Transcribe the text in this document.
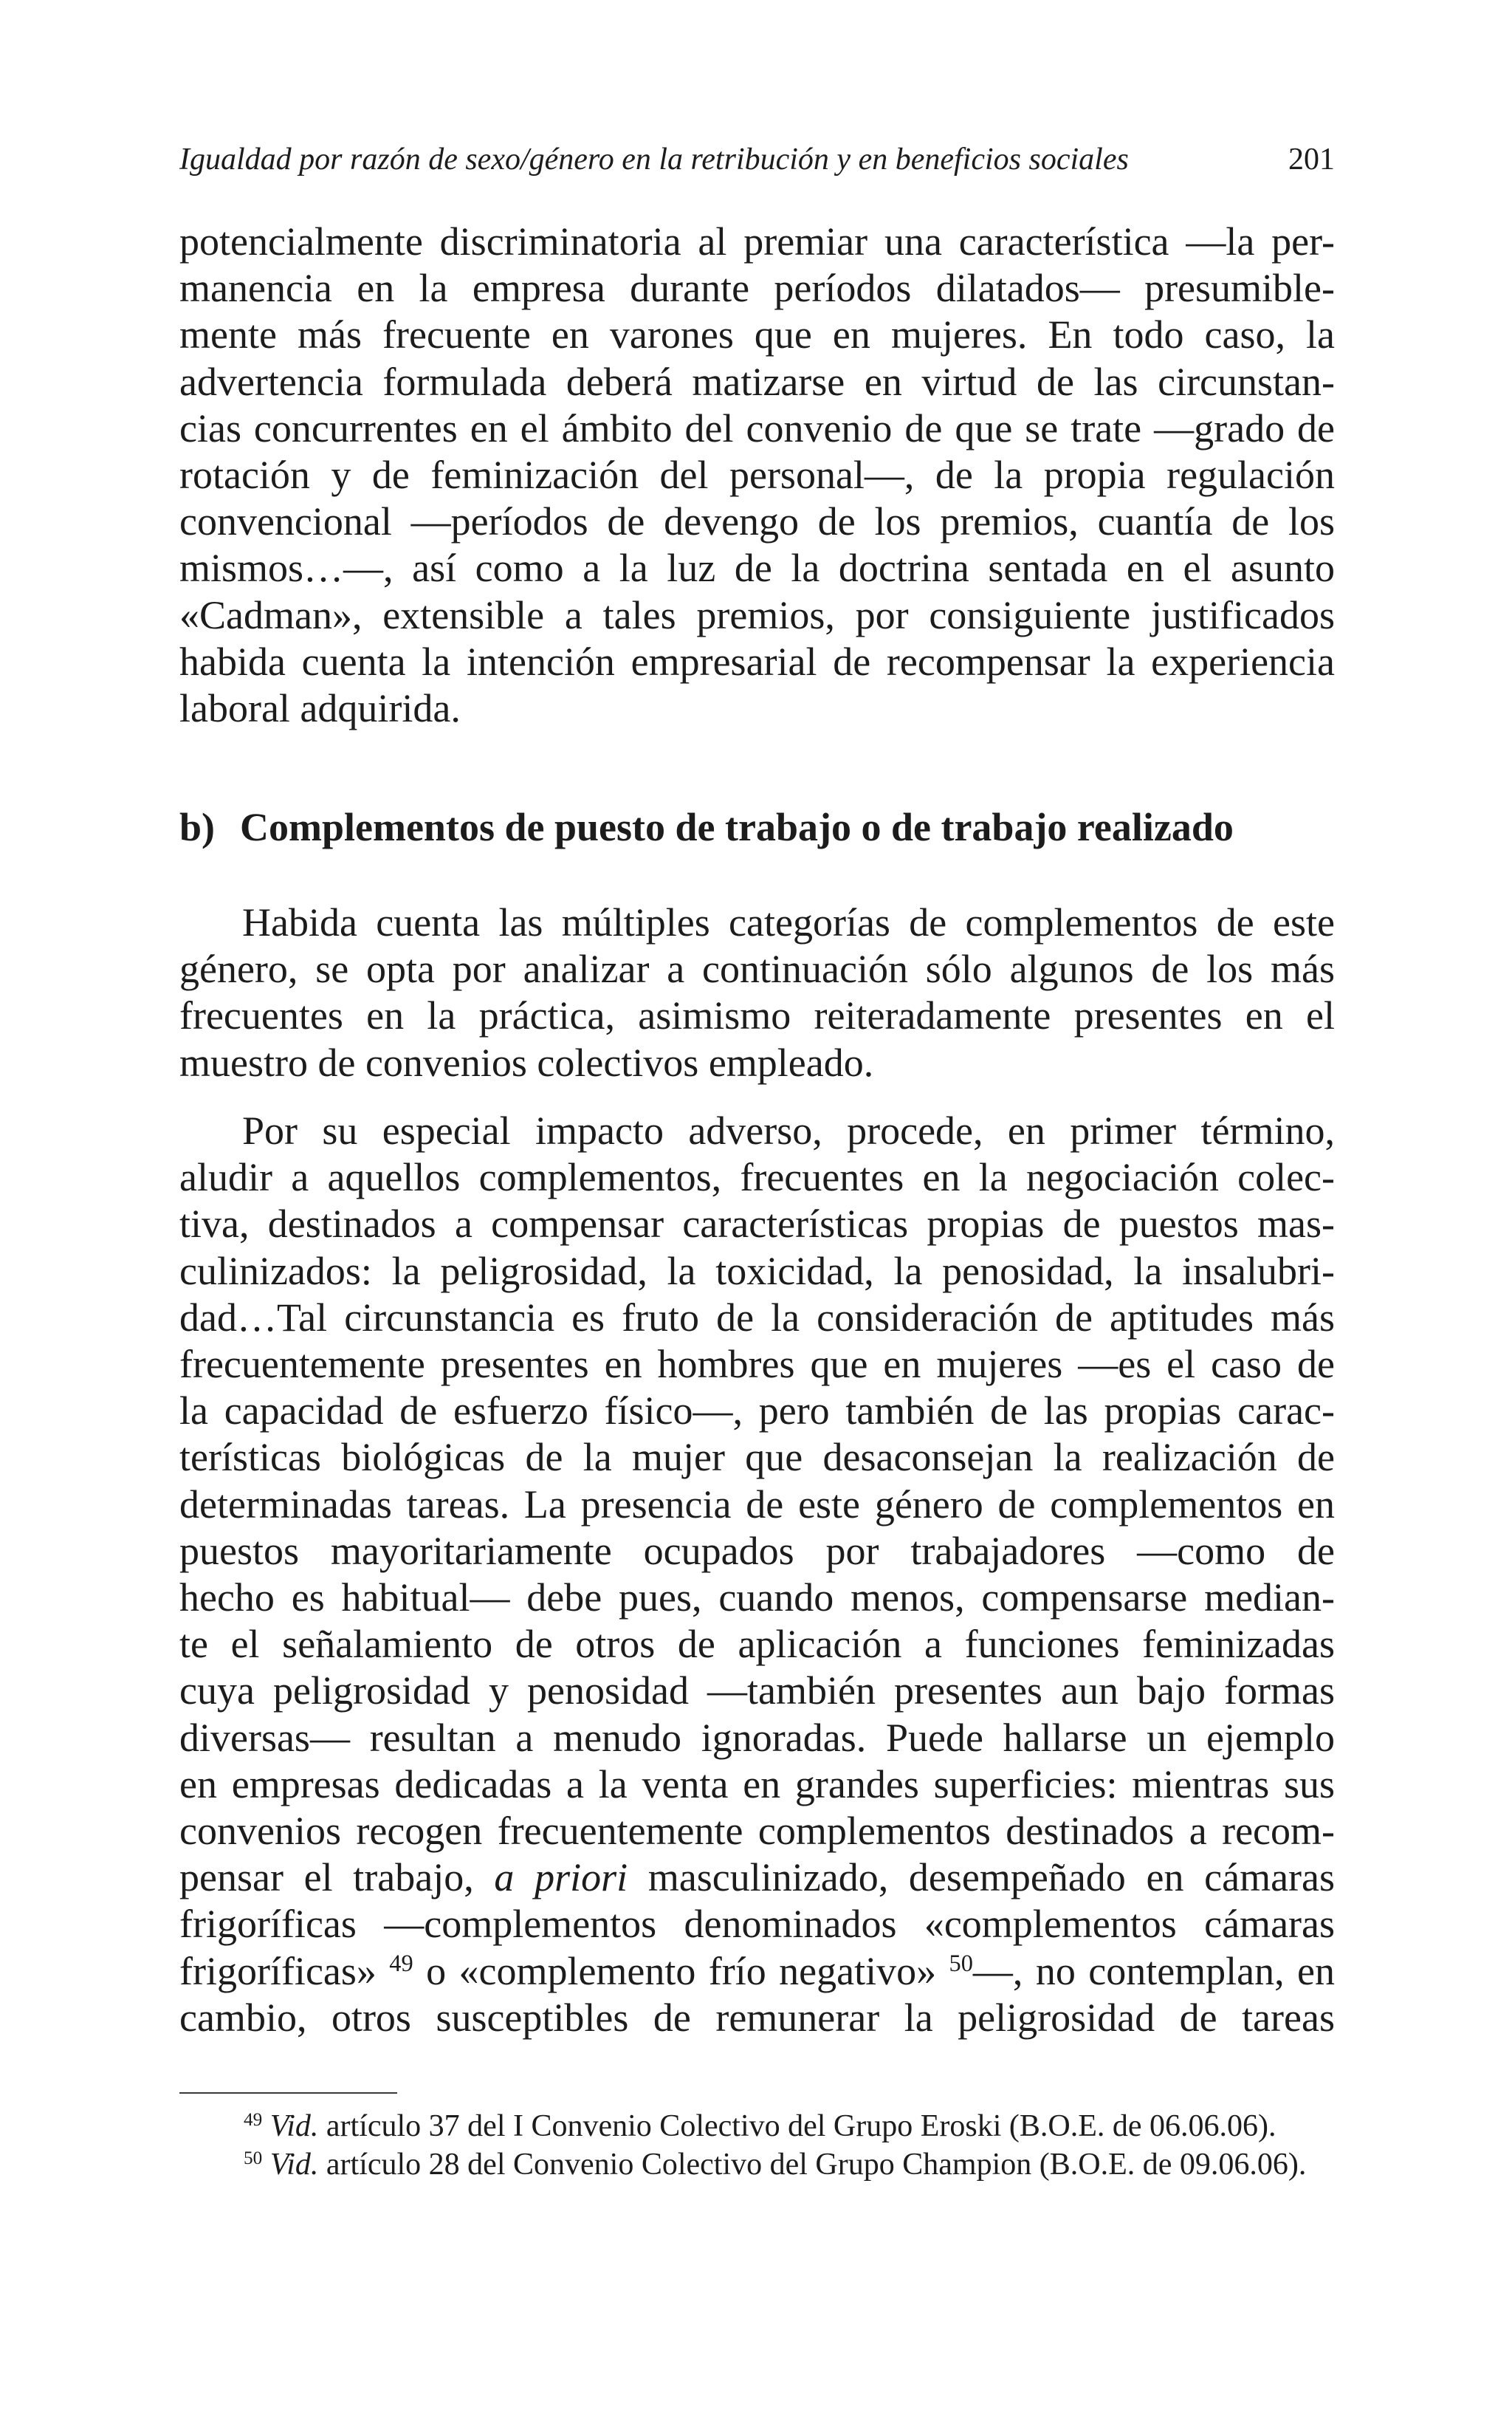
Igualdad por razón de sexo/género en la retribución y en beneficios sociales	201
potencialmente discriminatoria al premiar una característica —la per-
manencia en la empresa durante períodos dilatados— presumible-
mente más frecuente en varones que en mujeres. En todo caso, la
advertencia formulada deberá matizarse en virtud de las circunstan-
cias concurrentes en el ámbito del convenio de que se trate —grado de
rotación y de feminización del personal—, de la propia regulación
convencional —períodos de devengo de los premios, cuantía de los
mismos…—, así como a la luz de la doctrina sentada en el asunto
«Cadman», extensible a tales premios, por consiguiente justificados
habida cuenta la intención empresarial de recompensar la experiencia
laboral adquirida.
b) Complementos de puesto de trabajo o de trabajo realizado
Habida cuenta las múltiples categorías de complementos de este
género, se opta por analizar a continuación sólo algunos de los más
frecuentes en la práctica, asimismo reiteradamente presentes en el
muestro de convenios colectivos empleado.
Por su especial impacto adverso, procede, en primer término,
aludir a aquellos complementos, frecuentes en la negociación colec-
tiva, destinados a compensar características propias de puestos mas-
culinizados: la peligrosidad, la toxicidad, la penosidad, la insalubri-
dad…Tal circunstancia es fruto de la consideración de aptitudes más
frecuentemente presentes en hombres que en mujeres —es el caso de
la capacidad de esfuerzo físico—, pero también de las propias carac-
terísticas biológicas de la mujer que desaconsejan la realización de
determinadas tareas. La presencia de este género de complementos en
puestos mayoritariamente ocupados por trabajadores —como de
hecho es habitual— debe pues, cuando menos, compensarse median-
te el señalamiento de otros de aplicación a funciones feminizadas
cuya peligrosidad y penosidad —también presentes aun bajo formas
diversas— resultan a menudo ignoradas. Puede hallarse un ejemplo
en empresas dedicadas a la venta en grandes superficies: mientras sus
convenios recogen frecuentemente complementos destinados a recom-
pensar el trabajo, a priori masculinizado, desempeñado en cámaras
frigoríficas —complementos denominados «complementos cámaras
frigoríficas» $^{49}$ o «complemento frío negativo» $^{50}$—, no contemplan, en
cambio, otros susceptibles de remunerar la peligrosidad de tareas
$^{49}$ Vid. artículo 37 del I Convenio Colectivo del Grupo Eroski (B.O.E. de 06.06.06).
$^{50}$ Vid. artículo 28 del Convenio Colectivo del Grupo Champion (B.O.E. de 09.06.06).
